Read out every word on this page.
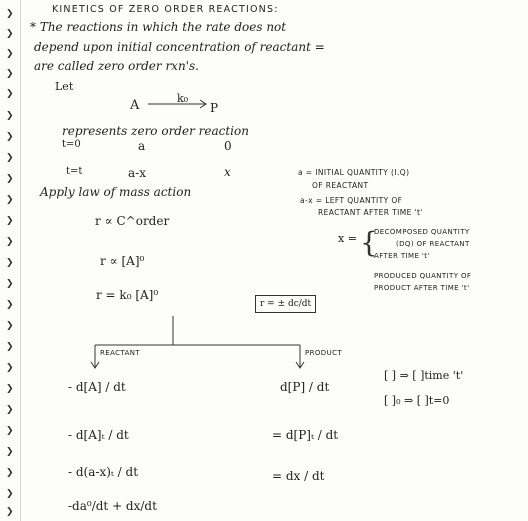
❯
❯
❯
❯
❯
❯
❯
❯
❯
❯
❯
❯
❯
❯
❯
❯
❯
❯
❯
❯
❯
❯
❯
❯
❯
KINETICS OF ZERO ORDER REACTIONS:
* The reactions in which the rate does not
depend upon initial concentration of reactant =
are called zero order rxn's.
Let
A	k₀
P
represents zero order reaction
t=0	a	0
t=t	a-x	x	a = INITIAL QUANTITY (I.Q)
OF REACTANT
a-x = LEFT QUANTITY OF
REACTANT AFTER TIME 't'
x = {
DECOMPOSED QUANTITY
(DQ) OF REACTANT
AFTER TIME 't'
PRODUCED QUANTITY OF
PRODUCT AFTER TIME 't'
Apply law of mass action
r ∝ C^order
r ∝ [A]⁰
r = k₀ [A]⁰
r = ± dc/dt
REACTANT	PRODUCT
- d[A] / dt
- d[A]ₜ / dt
- d(a-x)ₜ / dt
-da⁰/dt + dx/dt
d[P] / dt
= d[P]ₜ / dt
= dx / dt
[ ] ⇒ [ ]time 't'
[ ]₀ ⇒ [ ]t=0
